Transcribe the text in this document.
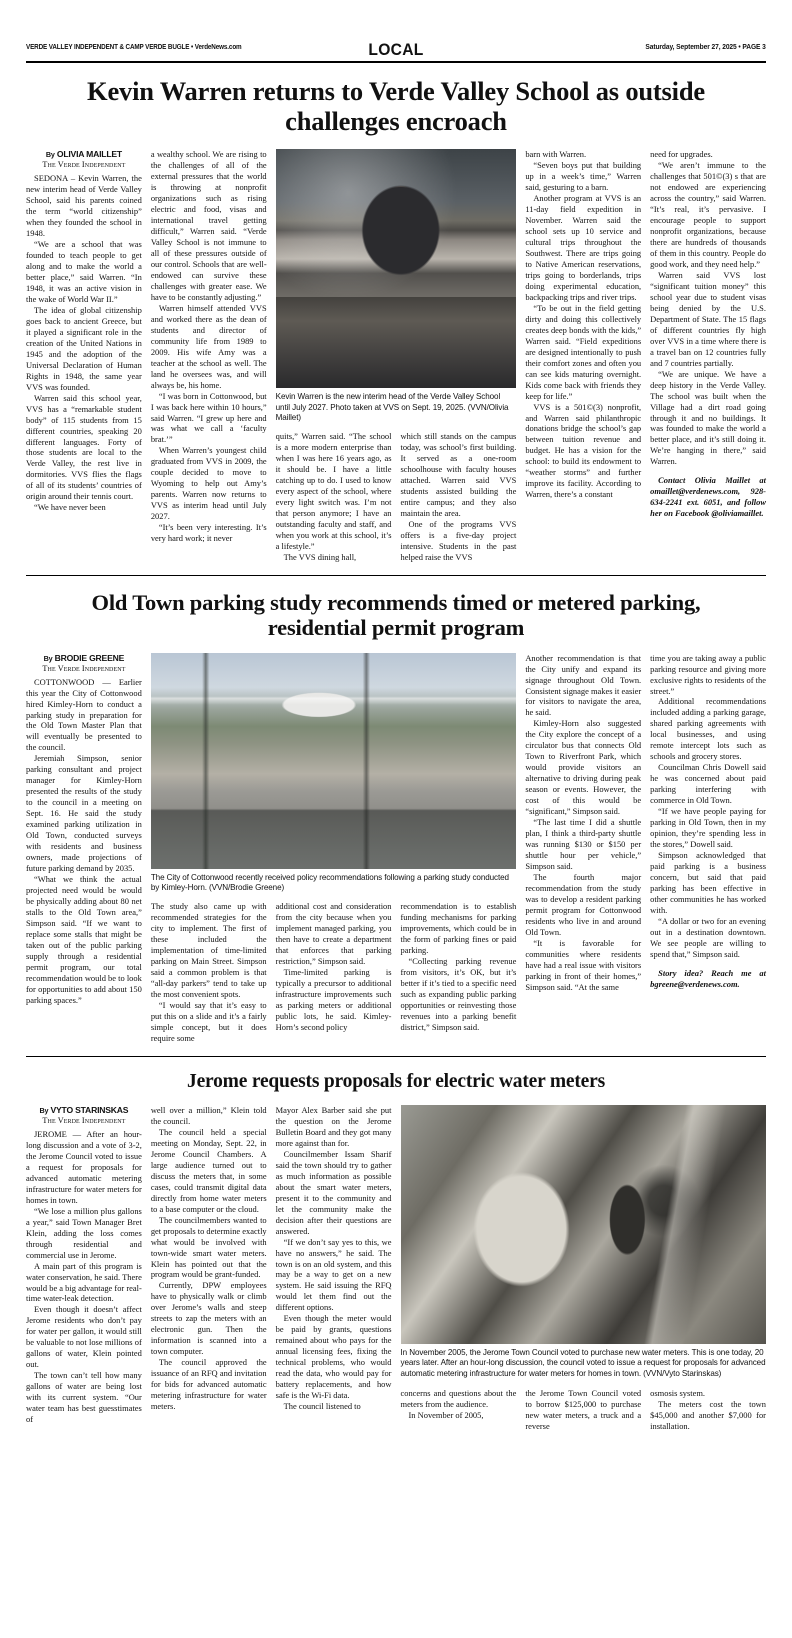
VERDE VALLEY INDEPENDENT & CAMP VERDE BUGLE • VerdeNews.com	Saturday, September 27, 2025 • PAGE 3
LOCAL
Kevin Warren returns to Verde Valley School as outside challenges encroach
By OLIVIA MAILLET
The Verde Independent

SEDONA – Kevin Warren, the new interim head of Verde Valley School, said his parents coined the term “world citizenship” when they founded the school in 1948.

“We are a school that was founded to teach people to get along and to make the world a better place,” said Warren. “In 1948, it was an active vision in the wake of World War II.”

The idea of global citizenship goes back to ancient Greece, but it played a significant role in the creation of the United Nations in 1945 and the adoption of the Universal Declaration of Human Rights in 1948, the same year VVS was founded.

Warren said this school year, VVS has a “remarkable student body” of 115 students from 15 different countries, speaking 20 different languages. Forty of those students are local to the Verde Valley, the rest live in dormitories. VVS flies the flags of all of its students’ countries of origin around their tennis court.

“We have never been

a wealthy school. We are rising to the challenges of all of the external pressures that the world is throwing at nonprofit organizations such as rising electric and food, visas and international travel getting difficult,” Warren said. “Verde Valley School is not immune to all of these pressures outside of our control. Schools that are well-endowed can survive these challenges with greater ease. We have to be constantly adjusting.”

Warren himself attended VVS and worked there as the dean of students and director of community life from 1989 to 2009. His wife Amy was a teacher at the school as well. The land he oversees was, and will always be, his home.

“I was born in Cottonwood, but I was back here within 10 hours,” said Warren. “I grew up here and was what we call a ‘faculty brat.’”

When Warren’s youngest child graduated from VVS in 2009, the couple decided to move to Wyoming to help out Amy’s parents. Warren now returns to VVS as interim head until July 2027.

“It’s been very interesting. It’s very hard work; it never

Kevin Warren is the new interim head of the Verde Valley School until July 2027. Photo taken at VVS on Sept. 19, 2025. (VVN/Olivia Maillet)

quits,” Warren said. “The school is a more modern enterprise than when I was here 16 years ago, as it should be. I have a little catching up to do. I used to know every aspect of the school, where every light switch was. I’m not that person anymore; I have an outstanding faculty and staff, and when you work at this school, it’s a lifestyle.”

The VVS dining hall,

which still stands on the campus today, was school’s first building. It served as a one-room schoolhouse with faculty houses attached. Warren said VVS students assisted building the entire campus; and they also maintain the area.

One of the programs VVS offers is a five-day project intensive. Students in the past helped raise the VVS

barn with Warren.

“Seven boys put that building up in a week’s time,” Warren said, gesturing to a barn.

Another program at VVS is an 11-day field expedition in November. Warren said the school sets up 10 service and cultural trips throughout the Southwest. There are trips going to Native American reservations, trips going to borderlands, trips doing experimental education, backpacking trips and river trips.

“To be out in the field getting dirty and doing this collectively creates deep bonds with the kids,” Warren said. “Field expeditions are designed intentionally to push their comfort zones and often you can see kids maturing overnight. Kids come back with friends they keep for life.”

VVS is a 501©(3) nonprofit, and Warren said philanthropic donations bridge the school’s gap between tuition revenue and budget. He has a vision for the school: to build its endowment to “weather storms” and further improve its facility. According to Warren, there’s a constant

need for upgrades.

“We aren’t immune to the challenges that 501©(3) s that are not endowed are experiencing across the country,” said Warren. “It’s real, it’s pervasive. I encourage people to support nonprofit organizations, because there are hundreds of thousands of them in this country. People do good work, and they need help.”

Warren said VVS lost “significant tuition money” this school year due to student visas being denied by the U.S. Department of State. The 15 flags of different countries fly high over VVS in a time where there is a travel ban on 12 countries fully and 7 countries partially.

“We are unique. We have a deep history in the Verde Valley. The school was built when the Village had a dirt road going through it and no buildings. It was founded to make the world a better place, and it’s still doing it. We’re hanging in there,” said Warren.

Contact Olivia Maillet at omaillet@verdenews.com, 928-634-2241 ext. 6051, and follow her on Facebook @oliviamaillet.

Old Town parking study recommends timed or metered parking, residential permit program
By BRODIE GREENE
The Verde Independent

COTTONWOOD — Earlier this year the City of Cottonwood hired Kimley-Horn to conduct a parking study in preparation for the Old Town Master Plan that will eventually be presented to the council.

Jeremiah Simpson, senior parking consultant and project manager for Kimley-Horn presented the results of the study to the council in a meeting on Sept. 16. He said the study examined parking utilization in Old Town, conducted surveys with residents and business owners, made projections of future parking demand by 2035.

“What we think the actual projected need would be would be physically adding about 80 net stalls to the Old Town area,” Simpson said. “If we want to replace some stalls that might be taken out of the public parking supply through a residential permit program, our total recommendation would be to look for opportunities to add about 150 parking spaces.”

The City of Cottonwood recently received policy recommendations following a parking study conducted by Kimley-Horn. (VVN/Brodie Greene)

The study also came up with recommended strategies for the city to implement. The first of these included the implementation of time-limited parking on Main Street. Simpson said a common problem is that “all-day parkers” tend to take up the most convenient spots.

“I would say that it’s easy to put this on a slide and it’s a fairly simple concept, but it does require some

additional cost and consideration from the city because when you implement managed parking, you then have to create a department that enforces that parking restriction,” Simpson said.

Time-limited parking is typically a precursor to additional infrastructure improvements such as parking meters or additional public lots, he said. Kimley-Horn’s second policy

recommendation is to establish funding mechanisms for parking improvements, which could be in the form of parking fines or paid parking.

“Collecting parking revenue from visitors, it’s OK, but it’s better if it’s tied to a specific need such as expanding public parking opportunities or reinvesting those revenues into a parking benefit district,” Simpson said.

Another recommendation is that the City unify and expand its signage throughout Old Town. Consistent signage makes it easier for visitors to navigate the area, he said.

Kimley-Horn also suggested the City explore the concept of a circulator bus that connects Old Town to Riverfront Park, which would provide visitors an alternative to driving during peak season or events. However, the cost of this would be “significant,” Simpson said.

“The last time I did a shuttle plan, I think a third-party shuttle was running $130 or $150 per shuttle hour per vehicle,” Simpson said.

The fourth major recommendation from the study was to develop a resident parking permit program for Cottonwood residents who live in and around Old Town.

“It is favorable for communities where residents have had a real issue with visitors parking in front of their homes,” Simpson said. “At the same

time you are taking away a public parking resource and giving more exclusive rights to residents of the street.”

Additional recommendations included adding a parking garage, shared parking agreements with local businesses, and using remote intercept lots such as schools and grocery stores.

Councilman Chris Dowell said he was concerned about paid parking interfering with commerce in Old Town.

“If we have people paying for parking in Old Town, then in my opinion, they’re spending less in the stores,” Dowell said.

Simpson acknowledged that paid parking is a business concern, but said that paid parking has been effective in other communities he has worked with.

“A dollar or two for an evening out in a destination downtown. We see people are willing to spend that,” Simpson said.

Story idea? Reach me at bgreene@verdenews.com.

Jerome requests proposals for electric water meters
By VYTO STARINSKAS
The Verde Independent

JEROME — After an hour-long discussion and a vote of 3-2, the Jerome Council voted to issue a request for proposals for advanced automatic metering infrastructure for water meters for homes in town.

“We lose a million plus gallons a year,” said Town Manager Bret Klein, adding the loss comes through residential and commercial use in Jerome.

A main part of this program is water conservation, he said. There would be a big advantage for real-time water-leak detection.

Even though it doesn’t affect Jerome residents who don’t pay for water per gallon, it would still be valuable to not lose millions of gallons of water, Klein pointed out.

The town can’t tell how many gallons of water are being lost with its current system. “Our water team has best guesstimates of

well over a million,” Klein told the council.

The council held a special meeting on Monday, Sept. 22, in Jerome Council Chambers. A large audience turned out to discuss the meters that, in some cases, could transmit digital data directly from home water meters to a base computer or the cloud.

The councilmembers wanted to get proposals to determine exactly what would be involved with town-wide smart water meters. Klein has pointed out that the program would be grant-funded.

Currently, DPW employees have to physically walk or climb over Jerome’s walls and steep streets to zap the meters with an electronic gun. Then the information is scanned into a town computer.

The council approved the issuance of an RFQ and invitation for bids for advanced automatic metering infrastructure for water meters.

Mayor Alex Barber said she put the question on the Jerome Bulletin Board and they got many more against than for.

Councilmember Issam Sharif said the town should try to gather as much information as possible about the smart water meters, present it to the community and let the community make the decision after their questions are answered.

“If we don’t say yes to this, we have no answers,” he said. The town is on an old system, and this may be a way to get on a new system. He said issuing the RFQ would let them find out the different options.

Even though the meter would be paid by grants, questions remained about who pays for the annual licensing fees, fixing the technical problems, who would read the data, who would pay for battery replacements, and how safe is the Wi-Fi data.

The council listened to

In November 2005, the Jerome Town Council voted to purchase new water meters. This is one today, 20 years later. After an hour-long discussion, the council voted to issue a request for proposals for advanced automatic metering infrastructure for water meters for homes in town. (VVN/Vyto Starinskas)

concerns and questions about the meters from the audience.

In November of 2005,

the Jerome Town Council voted to borrow $125,000 to purchase new water meters, a truck and a reverse

osmosis system.

The meters cost the town $45,000 and another $7,000 for installation.
